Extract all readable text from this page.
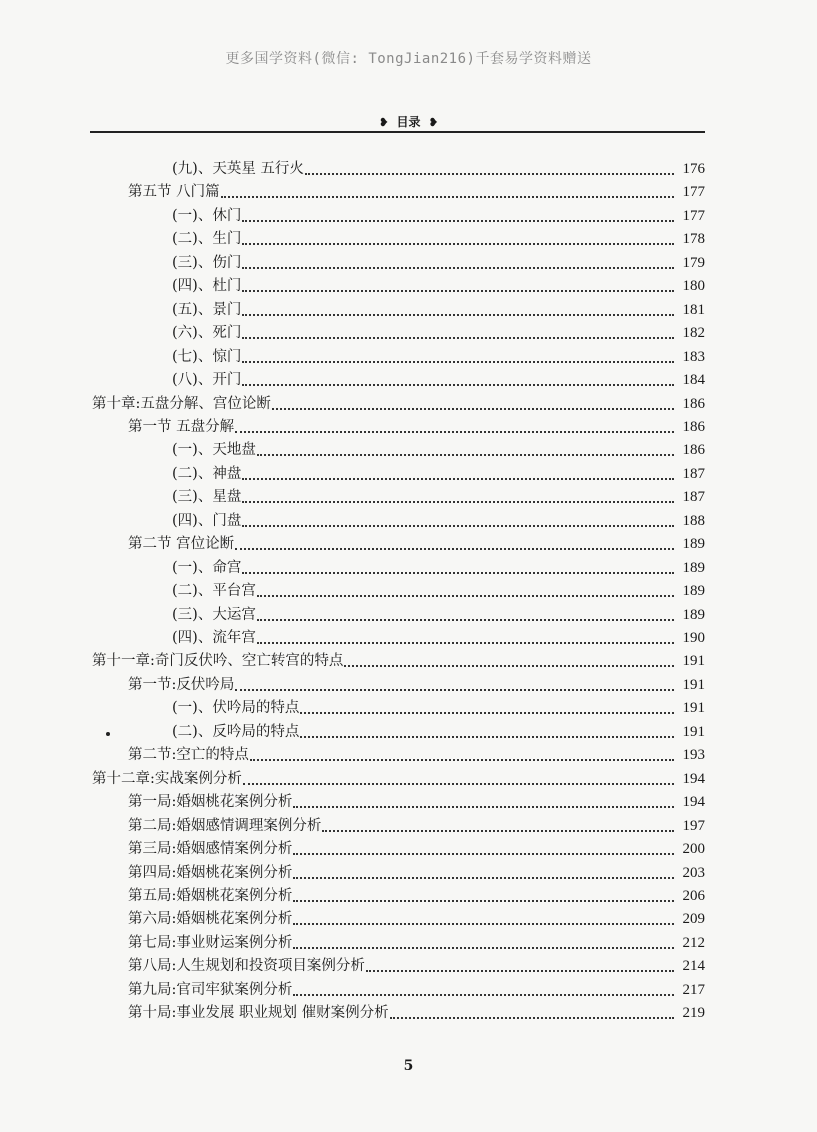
更多国学资料(微信: TongJian216)千套易学资料赠送
❥ 目录 ❥
(九)、天英星 五行火	176
第五节 八门篇	177
(一)、休门	177
(二)、生门	178
(三)、伤门	179
(四)、杜门	180
(五)、景门	181
(六)、死门	182
(七)、惊门	183
(八)、开门	184
第十章:五盘分解、宫位论断	186
第一节 五盘分解	186
(一)、天地盘	186
(二)、神盘	187
(三)、星盘	187
(四)、门盘	188
第二节 宫位论断	189
(一)、命宫	189
(二)、平台宫	189
(三)、大运宫	189
(四)、流年宫	190
第十一章:奇门反伏吟、空亡转宫的特点	191
第一节:反伏吟局	191
(一)、伏吟局的特点	191
(二)、反吟局的特点	191
第二节:空亡的特点	193
第十二章:实战案例分析	194
第一局:婚姻桃花案例分析	194
第二局:婚姻感情调理案例分析	197
第三局:婚姻感情案例分析	200
第四局:婚姻桃花案例分析	203
第五局:婚姻桃花案例分析	206
第六局:婚姻桃花案例分析	209
第七局:事业财运案例分析	212
第八局:人生规划和投资项目案例分析	214
第九局:官司牢狱案例分析	217
第十局:事业发展 职业规划 催财案例分析	219
5
